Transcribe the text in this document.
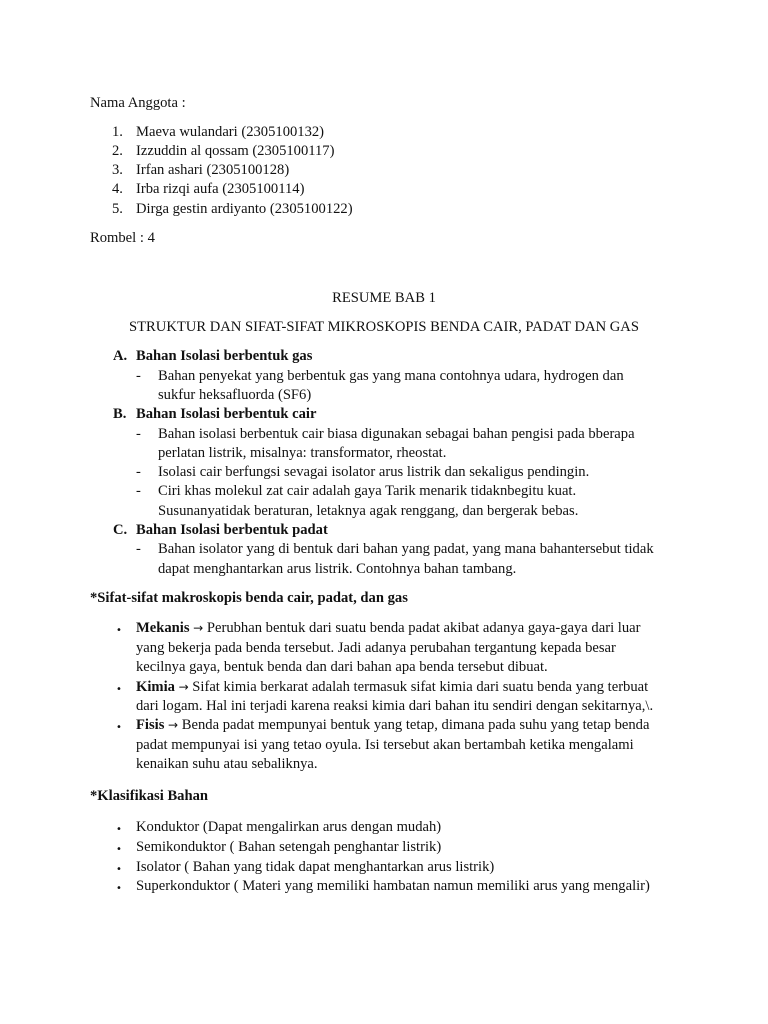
Nama Anggota :
1. Maeva wulandari (2305100132)
2. Izzuddin al qossam (2305100117)
3. Irfan ashari (2305100128)
4. Irba rizqi aufa (2305100114)
5. Dirga gestin ardiyanto (2305100122)
Rombel : 4
RESUME BAB 1
STRUKTUR DAN SIFAT-SIFAT MIKROSKOPIS BENDA CAIR, PADAT DAN GAS
A. Bahan Isolasi berbentuk gas
- Bahan penyekat yang berbentuk gas yang mana contohnya udara, hydrogen dan
sukfur heksafluorda (SF6)
B. Bahan Isolasi berbentuk cair
- Bahan isolasi berbentuk cair biasa digunakan sebagai bahan pengisi pada bberapa
perlatan listrik, misalnya: transformator, rheostat.
- Isolasi cair berfungsi sevagai isolator arus listrik dan sekaligus pendingin.
- Ciri khas molekul zat cair adalah gaya Tarik menarik tidaknbegitu kuat.
Susunanyatidak beraturan, letaknya agak renggang, dan bergerak bebas.
C. Bahan Isolasi berbentuk padat
- Bahan isolator yang di bentuk dari bahan yang padat, yang mana bahantersebut tidak
dapat menghantarkan arus listrik. Contohnya bahan tambang.
*Sifat-sifat makroskopis benda cair, padat, dan gas
• Mekanis → Perubhan bentuk dari suatu benda padat akibat adanya gaya-gaya dari luar
yang bekerja pada benda tersebut. Jadi adanya perubahan tergantung kepada besar
kecilnya gaya, bentuk benda dan dari bahan apa benda tersebut dibuat.
• Kimia → Sifat kimia berkarat adalah termasuk sifat kimia dari suatu benda yang terbuat
dari logam. Hal ini terjadi karena reaksi kimia dari bahan itu sendiri dengan sekitarnya,\.
• Fisis → Benda padat mempunyai bentuk yang tetap, dimana pada suhu yang tetap benda
padat mempunyai isi yang tetao oyula. Isi tersebut akan bertambah ketika mengalami
kenaikan suhu atau sebaliknya.
*Klasifikasi Bahan
• Konduktor (Dapat mengalirkan arus dengan mudah)
• Semikonduktor ( Bahan setengah penghantar listrik)
• Isolator ( Bahan yang tidak dapat menghantarkan arus listrik)
• Superkonduktor ( Materi yang memiliki hambatan namun memiliki arus yang mengalir)
